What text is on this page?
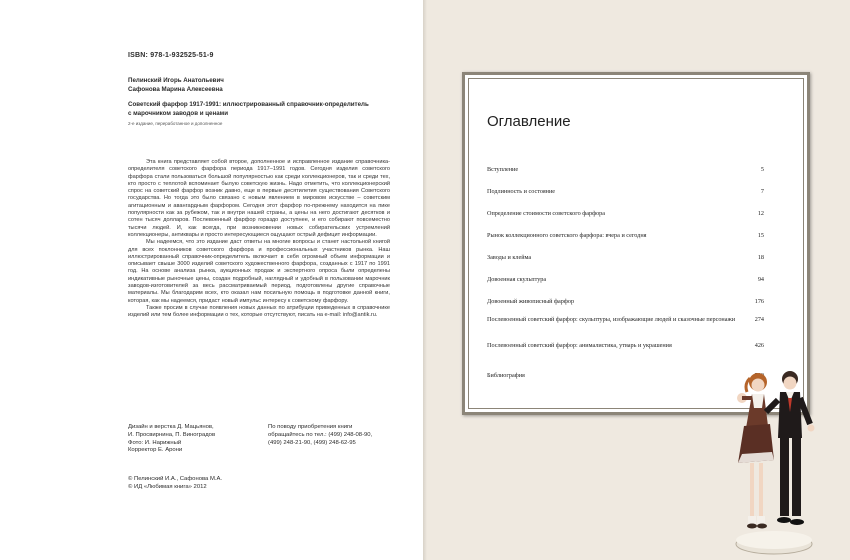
ISBN: 978-1-932525-51-9
Пелинский Игорь Анатольевич
Сафонова Марина Алексеевна
Советский фарфор 1917-1991: иллюстрированный справочник-определитель
с марочником заводов и ценами
2-е издание, переработанное и дополненное

Эта книга представляет собой второе, дополненное и исправленное издание справочника-определителя советского фарфора периода 1917–1991 годов. Сегодня изделия советского фарфора стали пользоваться большой популярностью как среди коллекционеров, так и среди тех, кто просто с теплотой вспоминает былую советскую жизнь. Надо отметить, что коллекционерский спрос на советский фарфор возник давно, еще в первые десятилетия существования Советского государства. Но тогда это было связано с новым явлением в мировом искусстве – советским агитационным и авангардным фарфором. Сегодня этот фарфор по-прежнему находится на пике популярности как за рубежом, так и внутри нашей страны, а цены на него достигают десятков и сотен тысяч долларов. Послевоенный фарфор гораздо доступнее, и его собирают повсеместно тысячи людей. И, как всегда, при возникновении новых собирательских устремлений коллекционеры, антиквары и просто интересующиеся ощущают острый дефицит информации.

Мы надеемся, что это издание даст ответы на многие вопросы и станет настольной книгой для всех поклонников советского фарфора и профессиональных участников рынка. Наш иллюстрированный справочник-определитель включает в себя огромный объем информации и описывает свыше 3000 изделий советского художественного фарфора, созданных с 1917 по 1991 год. На основе анализа рынка, аукционных продаж и экспертного опроса были определены индикативные рыночные цены, создан подробный, наглядный и удобный в пользовании марочник заводов-изготовителей за весь рассматриваемый период, подготовлены другие справочные материалы. Мы благодарим всех, кто оказал нам посильную помощь в подготовке данной книги, которая, как мы надеемся, придаст новый импульс интересу к советскому фарфору.

Также просим в случае появления новых данных по атрибуции приведенных в справочнике изделий или тем более информации о тех, которые отсутствуют, писать на e-mail: info@antik.ru.

Дизайн и верстка Д. Мацьянов,
И. Просвирнина, П. Виноградов
Фото: И. Нарижный
Корректор Е. Арони
По поводу приобретения книги
обращайтесь по тел.: (499) 248-08-90,
(499) 248-21-90, (499) 248-62-95
© Пелинский И.А., Сафонова М.А.
© ИД «Любимая книга» 2012
Оглавление
Вступление	5
Подлинность и состояние	7
Определение стоимости советского фарфора	12
Рынок коллекционного советского фарфора: вчера и сегодня	15
Заводы и клейма	18
Довоенная скульптура	94
Довоенный живописный фарфор	176
Послевоенный советский фарфор: скульптуры, изображающие людей и сказочные персонажи	274
Послевоенный советский фарфор: анималистика, утварь и украшения	426
Библиография
